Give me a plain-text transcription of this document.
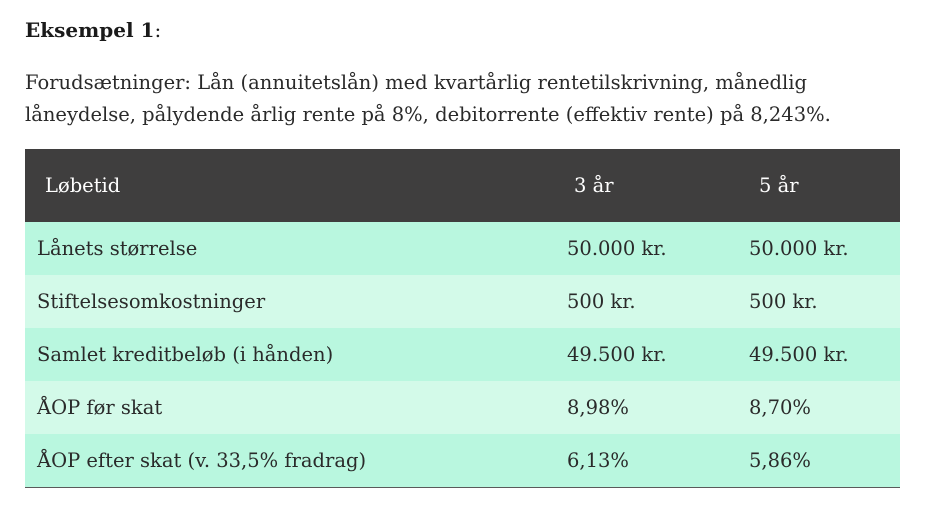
Eksempel 1:

Forudsætninger: Lån (annuitetslån) med kvartårlig rentetilskrivning, månedlig låneydelse, pålydende årlig rente på 8%, debitorrente (effektiv rente) på 8,243%.

Løbetid	3 år	5 år
Lånets størrelse	50.000 kr.	50.000 kr.
Stiftelsesomkostninger	500 kr.	500 kr.
Samlet kreditbeløb (i hånden)	49.500 kr.	49.500 kr.
ÅOP før skat	8,98%	8,70%
ÅOP efter skat (v. 33,5% fradrag)	6,13%	5,86%
